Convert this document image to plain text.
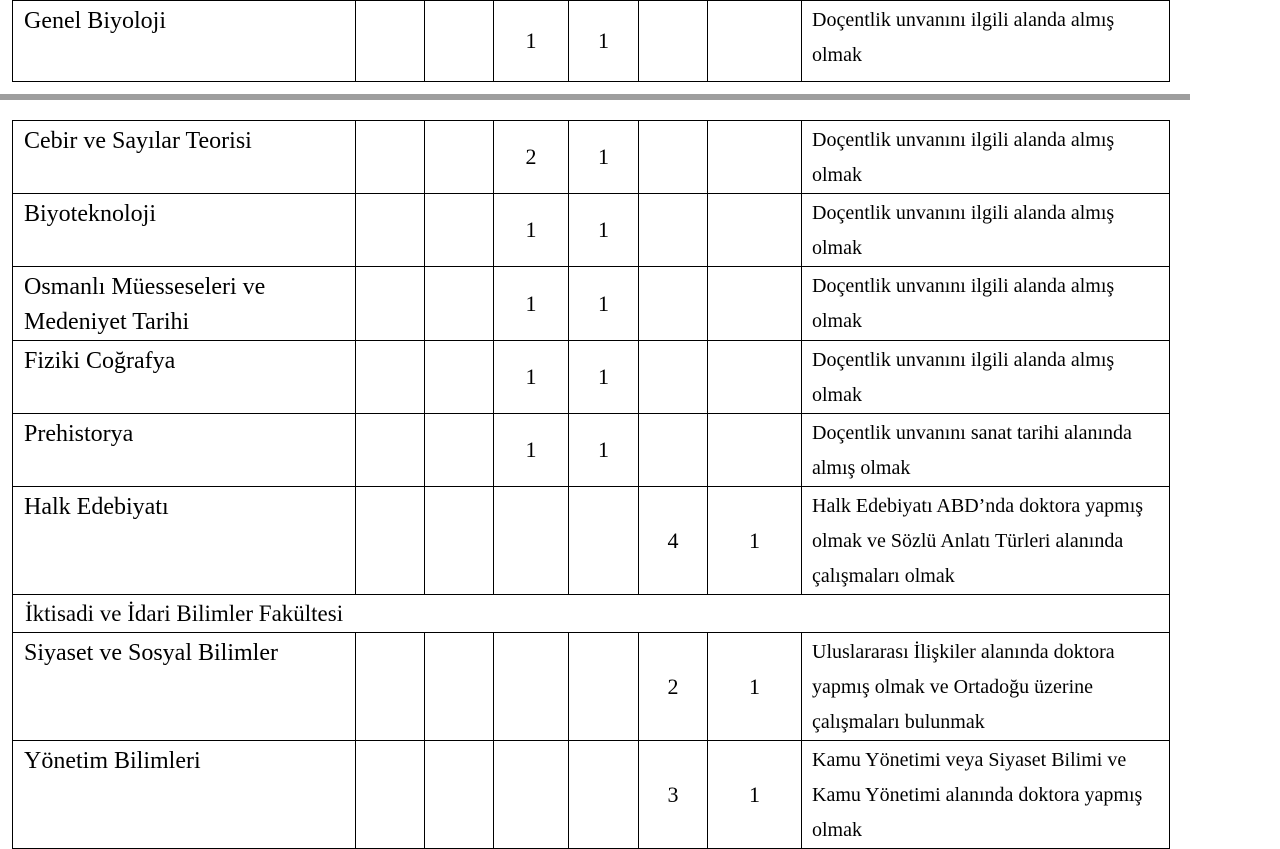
Genel Biyoloji			1	1			Doçentlik unvanını ilgili alanda almış olmak
Cebir ve Sayılar Teorisi			2	1			Doçentlik unvanını ilgili alanda almış olmak
Biyoteknoloji			1	1			Doçentlik unvanını ilgili alanda almış olmak
Osmanlı Müesseseleri ve Medeniyet Tarihi			1	1			Doçentlik unvanını ilgili alanda almış olmak
Fiziki Coğrafya			1	1			Doçentlik unvanını ilgili alanda almış olmak
Prehistorya			1	1			Doçentlik unvanını sanat tarihi alanında almış olmak
Halk Edebiyatı					4	1	Halk Edebiyatı ABD’nda doktora yapmış olmak ve Sözlü Anlatı Türleri alanında çalışmaları olmak
İktisadi ve İdari Bilimler Fakültesi							
Siyaset ve Sosyal Bilimler					2	1	Uluslararası İlişkiler alanında doktora yapmış olmak ve Ortadoğu üzerine çalışmaları bulunmak
Yönetim Bilimleri					3	1	Kamu Yönetimi veya Siyaset Bilimi ve Kamu Yönetimi alanında doktora yapmış olmak
